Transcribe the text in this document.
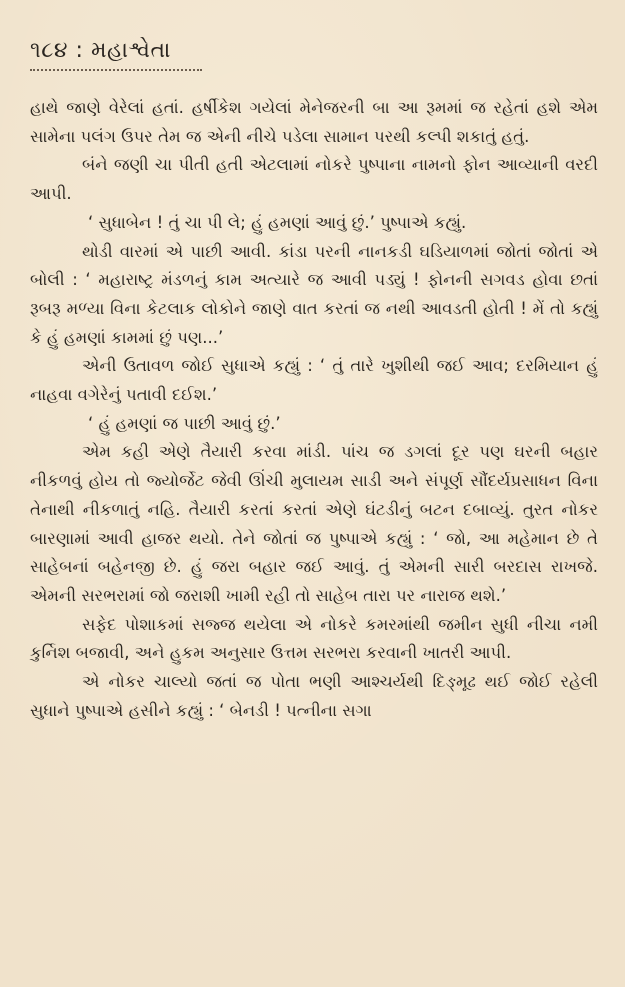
૧૮૪ : મહાશ્વેતા

હાથે જાણે વેરેલાં હતાં. હર્ષીકેશ ગયેલાં મેનેજરની બા આ રૂમમાં જ રહેતાં હશે એમ સામેના પલંગ ઉપર તેમ જ એની નીચે પડેલા સામાન પરથી કલ્પી શકાતું હતું.

બંને જણી ચા પીતી હતી એટલામાં નોકરે પુષ્પાના નામનો ફોન આવ્યાની વરદી આપી.

‘ સુધાબેન ! તું ચા પી લે; હું હમણાં આવું છું.’ પુષ્પાએ કહ્યું.

થોડી વારમાં એ પાછી આવી. કાંડા પરની નાનકડી ઘડિયાળમાં જોતાં જોતાં એ બોલી : ‘ મહારાષ્ટ્ર મંડળનું કામ અત્યારે જ આવી પડ્યું ! ફોનની સગવડ હોવા છતાં રૂબરૂ મળ્યા વિના કેટલાક લોકોને જાણે વાત કરતાં જ નથી આવડતી હોતી ! મેં તો કહ્યું કે હું હમણાં કામમાં છું પણ...’

એની ઉતાવળ જોઈ સુધાએ કહ્યું : ‘ તું તારે ખુશીથી જઈ આવ; દરમિયાન હું નાહવા વગેરેનું પતાવી દઈશ.’

‘ હું હમણાં જ પાછી આવું છું.’

એમ કહી એણે તૈયારી કરવા માંડી. પાંચ જ ડગલાં દૂર પણ ઘરની બહાર નીકળવું હોય તો જ્યોર્જેટ જેવી ઊંચી મુલાયમ સાડી અને સંપૂર્ણ સૌંદર્યપ્રસાધન વિના તેનાથી નીકળાતું નહિ. તૈયારી કરતાં કરતાં એણે ઘંટડીનું બટન દબાવ્યું. તુરત નોકર બારણામાં આવી હાજર થયો. તેને જોતાં જ પુષ્પાએ કહ્યું : ‘ જો, આ મહેમાન છે તે સાહેબનાં બહેનજી છે. હું જરા બહાર જઈ આવું. તું એમની સારી બરદાસ રાખજે. એમની સરભરામાં જો જરાશી ખામી રહી તો સાહેબ તારા પર નારાજ થશે.’

સફેદ પોશાકમાં સજ્જ થયેલા એ નોકરે કમરમાંથી જમીન સુધી નીચા નમી કુર્નિશ બજાવી, અને હુકમ અનુસાર ઉત્તમ સરભરા કરવાની ખાતરી આપી.

એ નોકર ચાલ્યો જતાં જ પોતા ભણી આશ્ચર્યથી દિઙ્મૂઢ થઈ જોઈ રહેલી સુધાને પુષ્પાએ હસીને કહ્યું : ‘ બેનડી ! પત્નીના સગા
